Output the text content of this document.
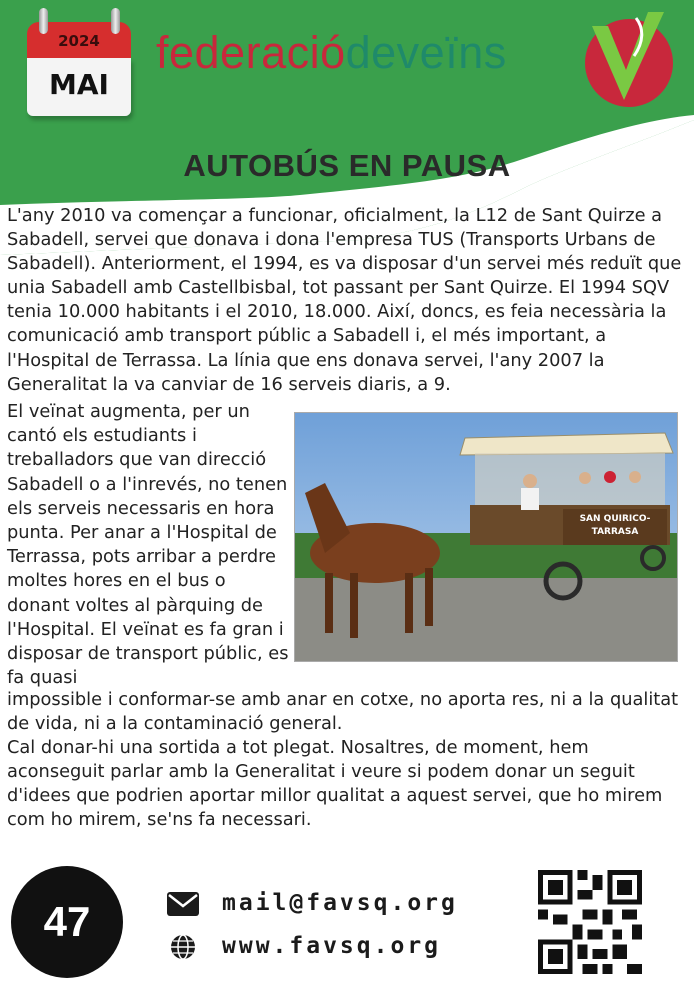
2024
MAI
federaciódeveïns
AUTOBÚS EN PAUSA

L'any 2010 va començar a funcionar, oficialment, la L12 de Sant Quirze a Sabadell, servei que donava i dona l'empresa TUS (Transports Urbans de Sabadell). Anteriorment, el 1994, es va disposar d'un servei més reduït que unia Sabadell amb Castellbisbal, tot passant per Sant Quirze. El 1994 SQV tenia 10.000 habitants i el 2010, 18.000. Així, doncs, es feia necessària la comunicació amb transport públic a Sabadell i, el més important, a l'Hospital de Terrassa. La línia que ens donava servei, l'any 2007 la Generalitat la va canviar de 16 serveis diaris, a 9.

El veïnat augmenta, per un cantó els estudiants i treballadors que van direcció Sabadell o a l'inrevés, no tenen els serveis necessaris en hora punta. Per anar a l'Hospital de Terrassa, pots arribar a perdre moltes hores en el bus o donant voltes al pàrquing de l'Hospital. El veïnat es fa gran i disposar de transport públic, es fa quasi
SAN QUIRICO-
TARRASA
impossible i conformar-se amb anar en cotxe, no aporta res, ni a la qualitat de vida, ni a la contaminació general.
Cal donar-hi una sortida a tot plegat. Nosaltres, de moment, hem aconseguit parlar amb la Generalitat i veure si podem donar un seguit d'idees que podrien aportar millor qualitat a aquest servei, que ho mirem com ho mirem, se'ns fa necessari.
47	mail@favsq.org
www.favsq.org
